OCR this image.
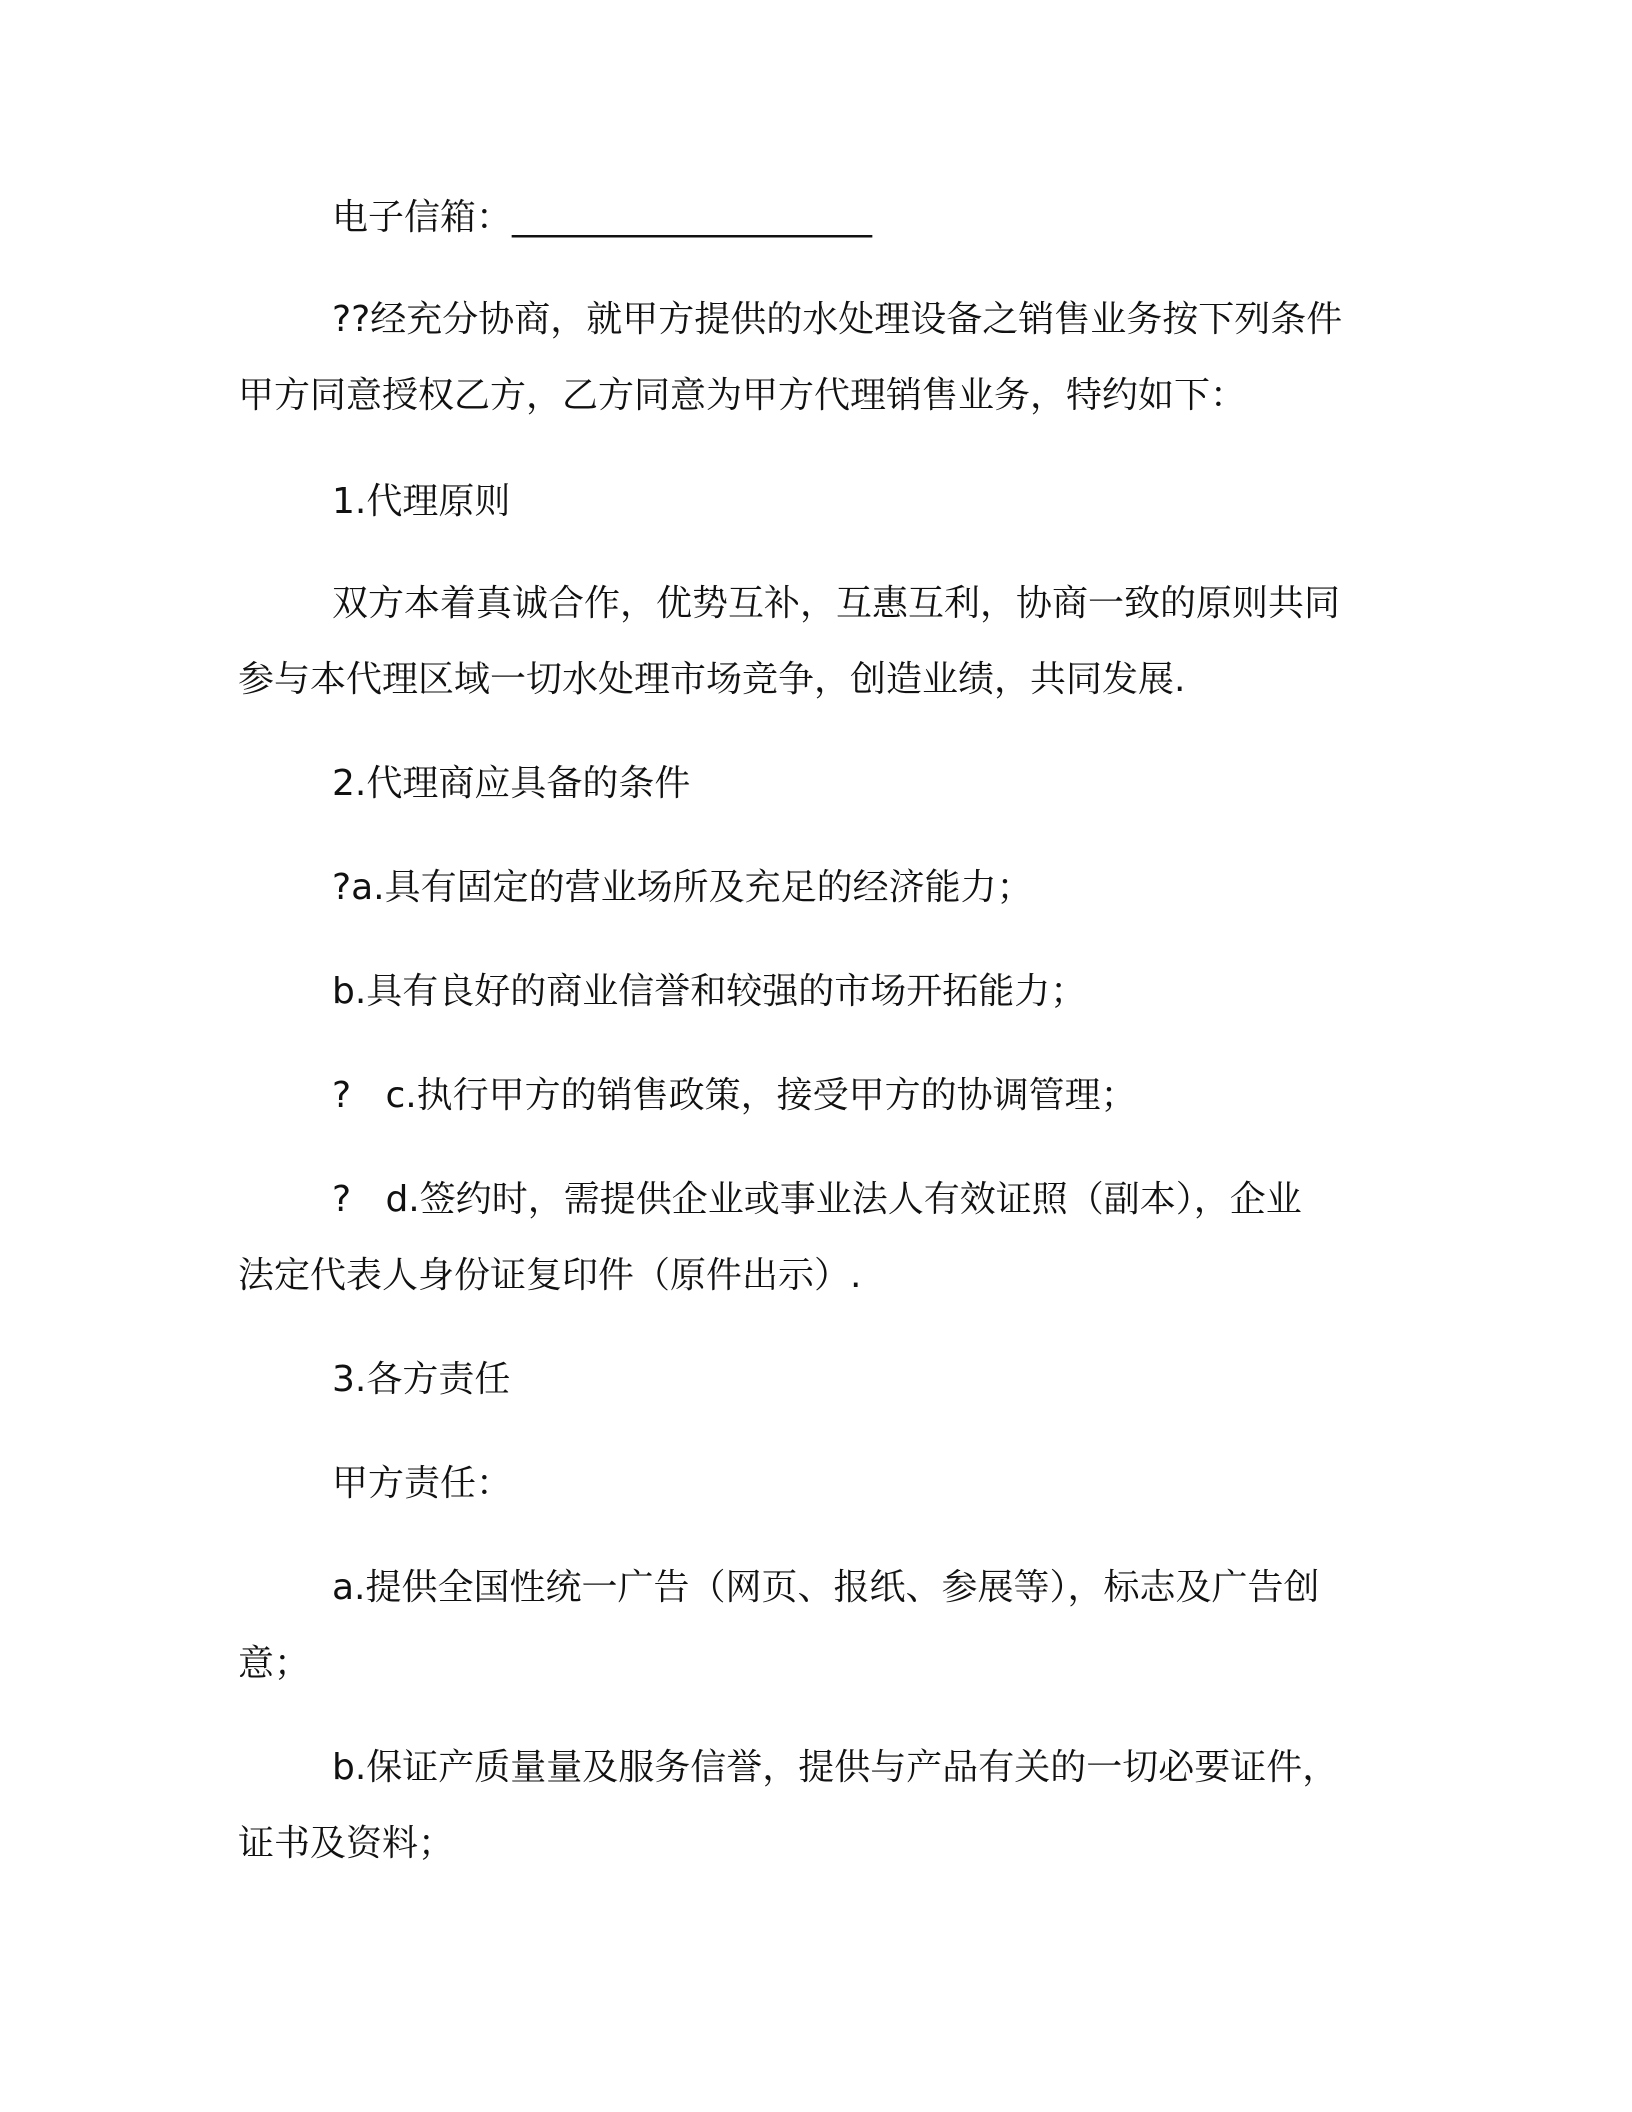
电子信箱：____________________
??经充分协商，就甲方提供的水处理设备之销售业务按下列条件
甲方同意授权乙方，乙方同意为甲方代理销售业务，特约如下：
1.代理原则
双方本着真诚合作，优势互补，互惠互利，协商一致的原则共同
参与本代理区域一切水处理市场竞争，创造业绩，共同发展.
2.代理商应具备的条件
?a.具有固定的营业场所及充足的经济能力；
b.具有良好的商业信誉和较强的市场开拓能力；
?   c.执行甲方的销售政策，接受甲方的协调管理；
?   d.签约时，需提供企业或事业法人有效证照（副本），企业
法定代表人身份证复印件（原件出示）.
3.各方责任
甲方责任：
a.提供全国性统一广告（网页、报纸、参展等），标志及广告创
意；
b.保证产质量量及服务信誉，提供与产品有关的一切必要证件，
证书及资料；
